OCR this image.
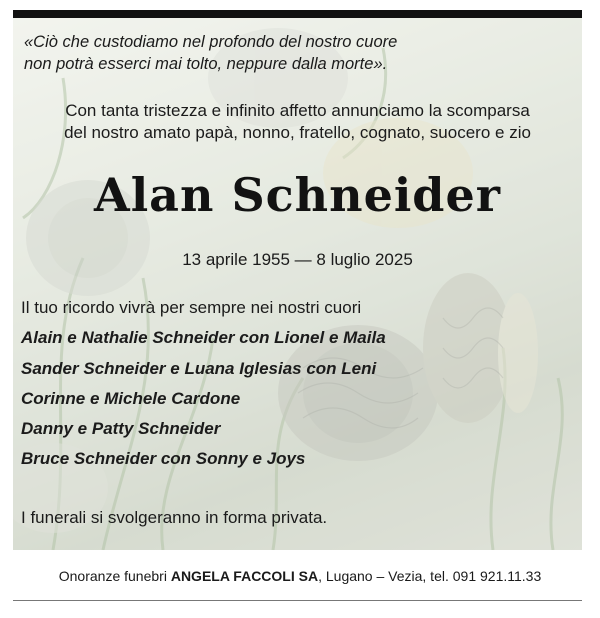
«Ciò che custodiamo nel profondo del nostro cuore
non potrà esserci mai tolto, neppure dalla morte».
Con tanta tristezza e infinito affetto annunciamo la scomparsa
del nostro amato papà, nonno, fratello, cognato, suocero e zio
Alan Schneider
13 aprile 1955 — 8 luglio 2025
Il tuo ricordo vivrà per sempre nei nostri cuori
Alain e Nathalie Schneider con Lionel e Maila
Sander Schneider e Luana Iglesias con Leni
Corinne e Michele Cardone
Danny e Patty Schneider
Bruce Schneider con Sonny e Joys
I funerali si svolgeranno in forma privata.
Onoranze funebri ANGELA FACCOLI SA, Lugano – Vezia, tel. 091 921.11.33
